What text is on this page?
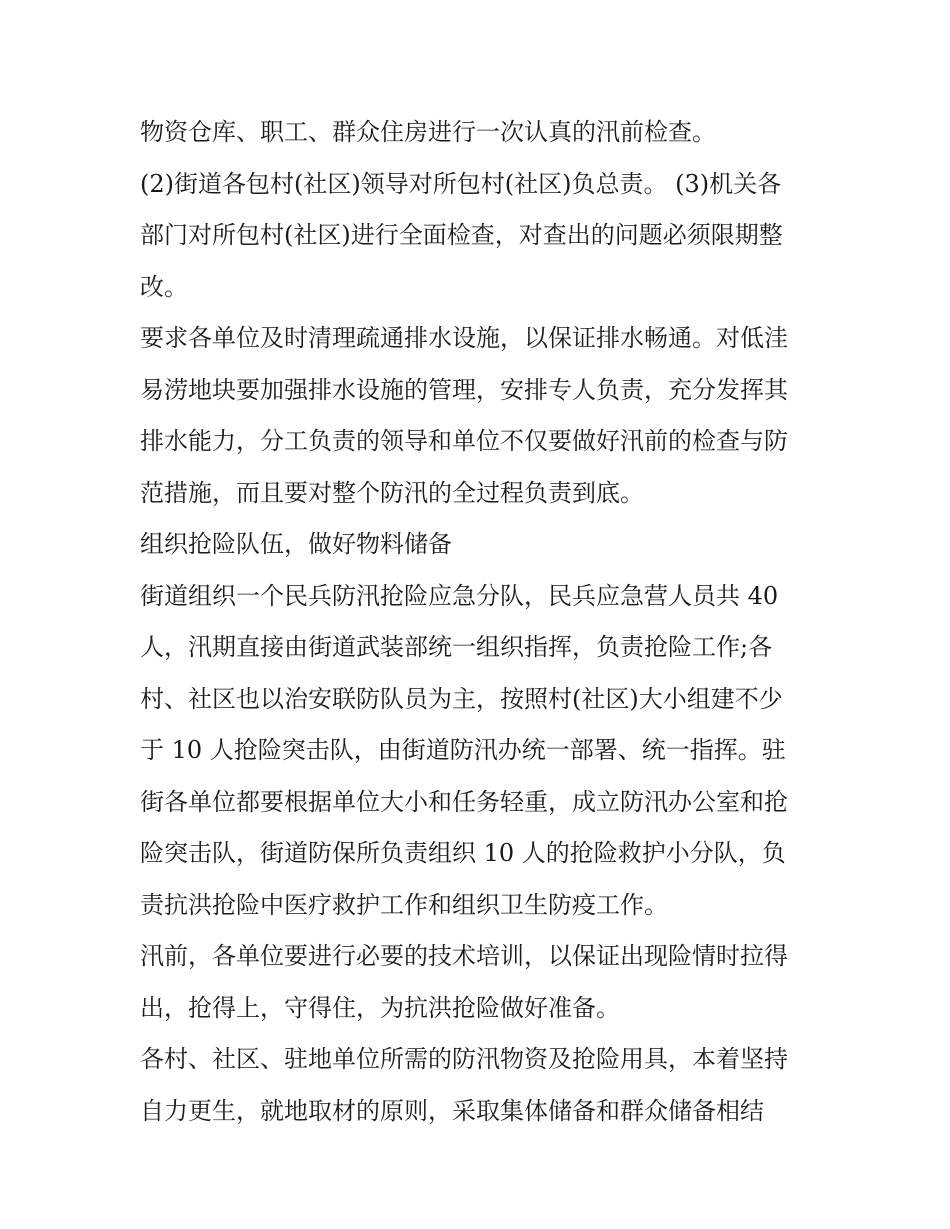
物资仓库、职工、群众住房进行一次认真的汛前检查。
(2)街道各包村(社区)领导对所包村(社区)负总责。 (3)机关各
部门对所包村(社区)进行全面检查，对查出的问题必须限期整
改。
要求各单位及时清理疏通排水设施，以保证排水畅通。对低洼
易涝地块要加强排水设施的管理，安排专人负责，充分发挥其
排水能力，分工负责的领导和单位不仅要做好汛前的检查与防
范措施，而且要对整个防汛的全过程负责到底。
组织抢险队伍，做好物料储备
街道组织一个民兵防汛抢险应急分队，民兵应急营人员共 40
人，汛期直接由街道武装部统一组织指挥，负责抢险工作;各
村、社区也以治安联防队员为主，按照村(社区)大小组建不少
于 10 人抢险突击队，由街道防汛办统一部署、统一指挥。驻
街各单位都要根据单位大小和任务轻重，成立防汛办公室和抢
险突击队，街道防保所负责组织 10 人的抢险救护小分队，负
责抗洪抢险中医疗救护工作和组织卫生防疫工作。
汛前，各单位要进行必要的技术培训，以保证出现险情时拉得
出，抢得上，守得住，为抗洪抢险做好准备。
各村、社区、驻地单位所需的防汛物资及抢险用具，本着坚持
自力更生，就地取材的原则，采取集体储备和群众储备相结
